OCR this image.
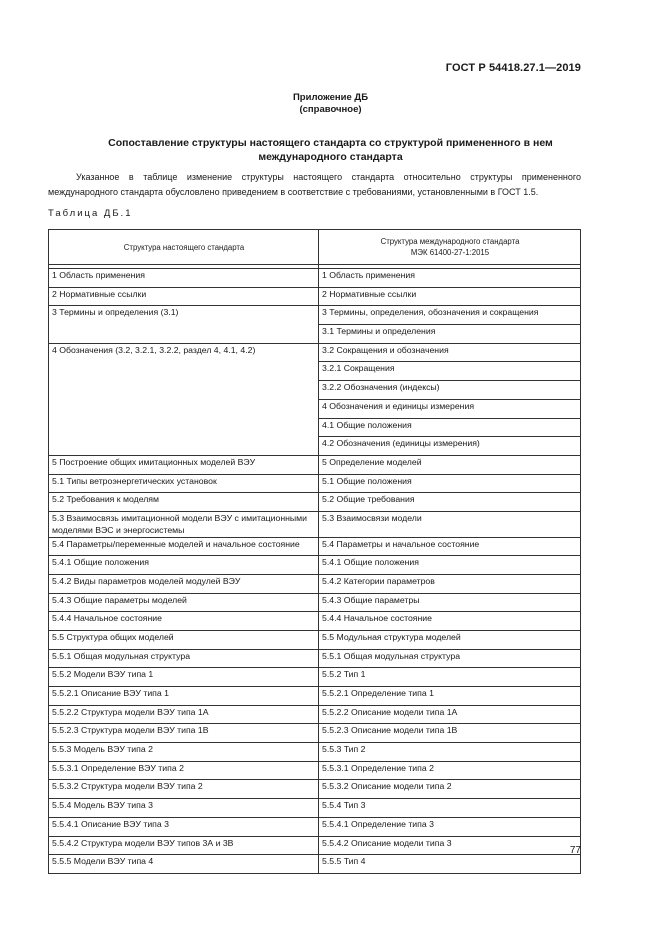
ГОСТ Р 54418.27.1—2019
Приложение ДБ
(справочное)
Сопоставление структуры настоящего стандарта со структурой примененного в нем международного стандарта
Указанное в таблице изменение структуры настоящего стандарта относительно структуры примененного международного стандарта обусловлено приведением в соответствие с требованиями, установленными в ГОСТ 1.5.
Таблица ДБ.1
Структура настоящего стандарта	Структура международного стандарта
МЭК 61400-27-1:2015

1 Область применения	1 Область применения
2 Нормативные ссылки	2 Нормативные ссылки
3 Термины и определения (3.1)	3 Термины, определения, обозначения и сокращения
	3.1 Термины и определения
4 Обозначения (3.2, 3.2.1, 3.2.2, раздел 4, 4.1, 4.2)	3.2 Сокращения и обозначения
	3.2.1 Сокращения
	3.2.2 Обозначения (индексы)
	4 Обозначения и единицы измерения
	4.1 Общие положения
	4.2 Обозначения (единицы измерения)
5 Построение общих имитационных моделей ВЭУ	5 Определение моделей
5.1 Типы ветроэнергетических установок	5.1 Общие положения
5.2 Требования к моделям	5.2 Общие требования
5.3 Взаимосвязь имитационной модели ВЭУ с имитационными моделями ВЭС и энергосистемы	5.3 Взаимосвязи модели
5.4 Параметры/переменные моделей и начальное состояние	5.4 Параметры и начальное состояние
5.4.1 Общие положения	5.4.1 Общие положения
5.4.2 Виды параметров моделей модулей ВЭУ	5.4.2 Категории параметров
5.4.3 Общие параметры моделей	5.4.3 Общие параметры
5.4.4 Начальное состояние	5.4.4 Начальное состояние
5.5 Структура общих моделей	5.5 Модульная структура моделей
5.5.1 Общая модульная структура	5.5.1 Общая модульная структура
5.5.2 Модели ВЭУ типа 1	5.5.2 Тип 1
5.5.2.1 Описание ВЭУ типа 1	5.5.2.1 Определение типа 1
5.5.2.2 Структура модели ВЭУ типа 1А	5.5.2.2 Описание модели типа 1А
5.5.2.3 Структура модели ВЭУ типа 1В	5.5.2.3 Описание модели типа 1В
5.5.3 Модель ВЭУ типа 2	5.5.3 Тип 2
5.5.3.1 Определение ВЭУ типа 2	5.5.3.1 Определение типа 2
5.5.3.2 Структура модели ВЭУ типа 2	5.5.3.2 Описание модели типа 2
5.5.4 Модель ВЭУ типа 3	5.5.4 Тип 3
5.5.4.1 Описание ВЭУ типа 3	5.5.4.1 Определение типа 3
5.5.4.2 Структура модели ВЭУ типов 3А и 3В	5.5.4.2 Описание модели типа 3
5.5.5 Модели ВЭУ типа 4	5.5.5 Тип 4
77
